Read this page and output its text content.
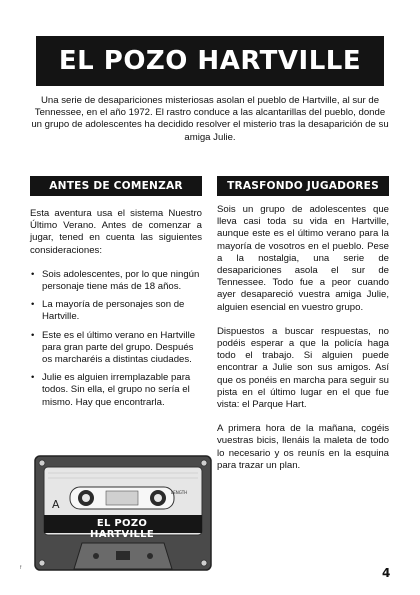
EL POZO HARTVILLE
Una serie de desapariciones misteriosas asolan el pueblo de Hartville, al sur de Tennessee, en el año 1972. El rastro conduce a las alcantarillas del pueblo, donde un grupo de adolescentes ha decidido resolver el misterio tras la desaparición de su amiga Julie.
ANTES DE COMENZAR

Esta aventura usa el sistema Nuestro Último Verano. Antes de comenzar a jugar, tened en cuenta las siguientes consideraciones:

• Sois adolescentes, por lo que ningún personaje tiene más de 18 años.
• La mayoría de personajes son de Hartville.
• Este es el último verano en Hartville para gran parte del grupo. Después os marcharéis a distintas ciudades.
• Julie es alguien irremplazable para todos. Sin ella, el grupo no sería el mismo. Hay que encontrarla.
TRASFONDO JUGADORES

Sois un grupo de adolescentes que lleva casi toda su vida en Hartville, aunque este es el último verano para la mayoría de vosotros en el pueblo. Pese a la nostalgia, una serie de desapariciones asola el sur de Tennessee. Todo fue a peor cuando ayer desapareció vuestra amiga Julie, alguien esencial en vuestro grupo.

Dispuestos a buscar respuestas, no podéis esperar a que la policía haga todo el trabajo. Si alguien puede encontrar a Julie son sus amigos. Así que os ponéis en marcha para seguir su pista en el último lugar en el que fue vista: el Parque Hart.

A primera hora de la mañana, cogéis vuestras bicis, llenáis la maleta de todo lo necesario y os reunís en la esquina para trazar un plan.

A
LENGTH
EL POZO HARTVILLE
f	4
